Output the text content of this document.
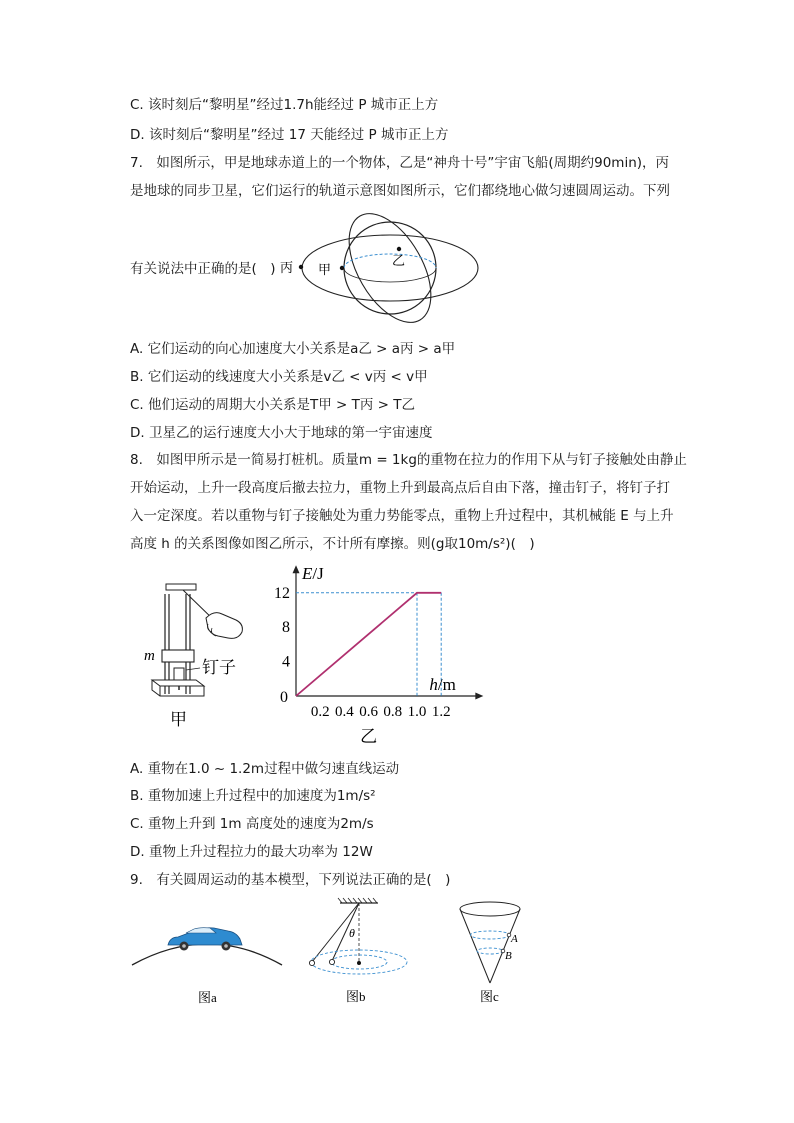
C. 该时刻后“黎明星”经过1.7h能经过 P 城市正上方
D. 该时刻后“黎明星”经过 17 天能经过 P 城市正上方
7.　如图所示，甲是地球赤道上的一个物体，乙是“神舟十号”宇宙飞船(周期约90min)，丙
是地球的同步卫星，它们运行的轨道示意图如图所示，它们都绕地心做匀速圆周运动。下列
有关说法中正确的是(　) 丙 甲
乙
A. 它们运动的向心加速度大小关系是a乙 > a丙 > a甲
B. 它们运动的线速度大小关系是v乙 < v丙 < v甲
C. 他们运动的周期大小关系是T甲 > T丙 > T乙
D. 卫星乙的运行速度大小大于地球的第一宇宙速度
8.　如图甲所示是一简易打桩机。质量m = 1kg的重物在拉力的作用下从与钉子接触处由静止
开始运动，上升一段高度后撤去拉力，重物上升到最高点后自由下落，撞击钉子，将钉子打
入一定深度。若以重物与钉子接触处为重力势能零点，重物上升过程中，其机械能 E 与上升
高度 h 的关系图像如图乙所示，不计所有摩擦。则(g取10m/s²)(　)
m
钉子
甲	0.2 0.4 0.6 0.8 1.0 1.2
4
8
12
0
E/J
h/m
乙
A. 重物在1.0 ~ 1.2m过程中做匀速直线运动
B. 重物加速上升过程中的加速度为1m/s²
C. 重物上升到 1m 高度处的速度为2m/s
D. 重物上升过程拉力的最大功率为 12W
9.　有关圆周运动的基本模型，下列说法正确的是(　)
图a
θ
图b
A
B
图c
